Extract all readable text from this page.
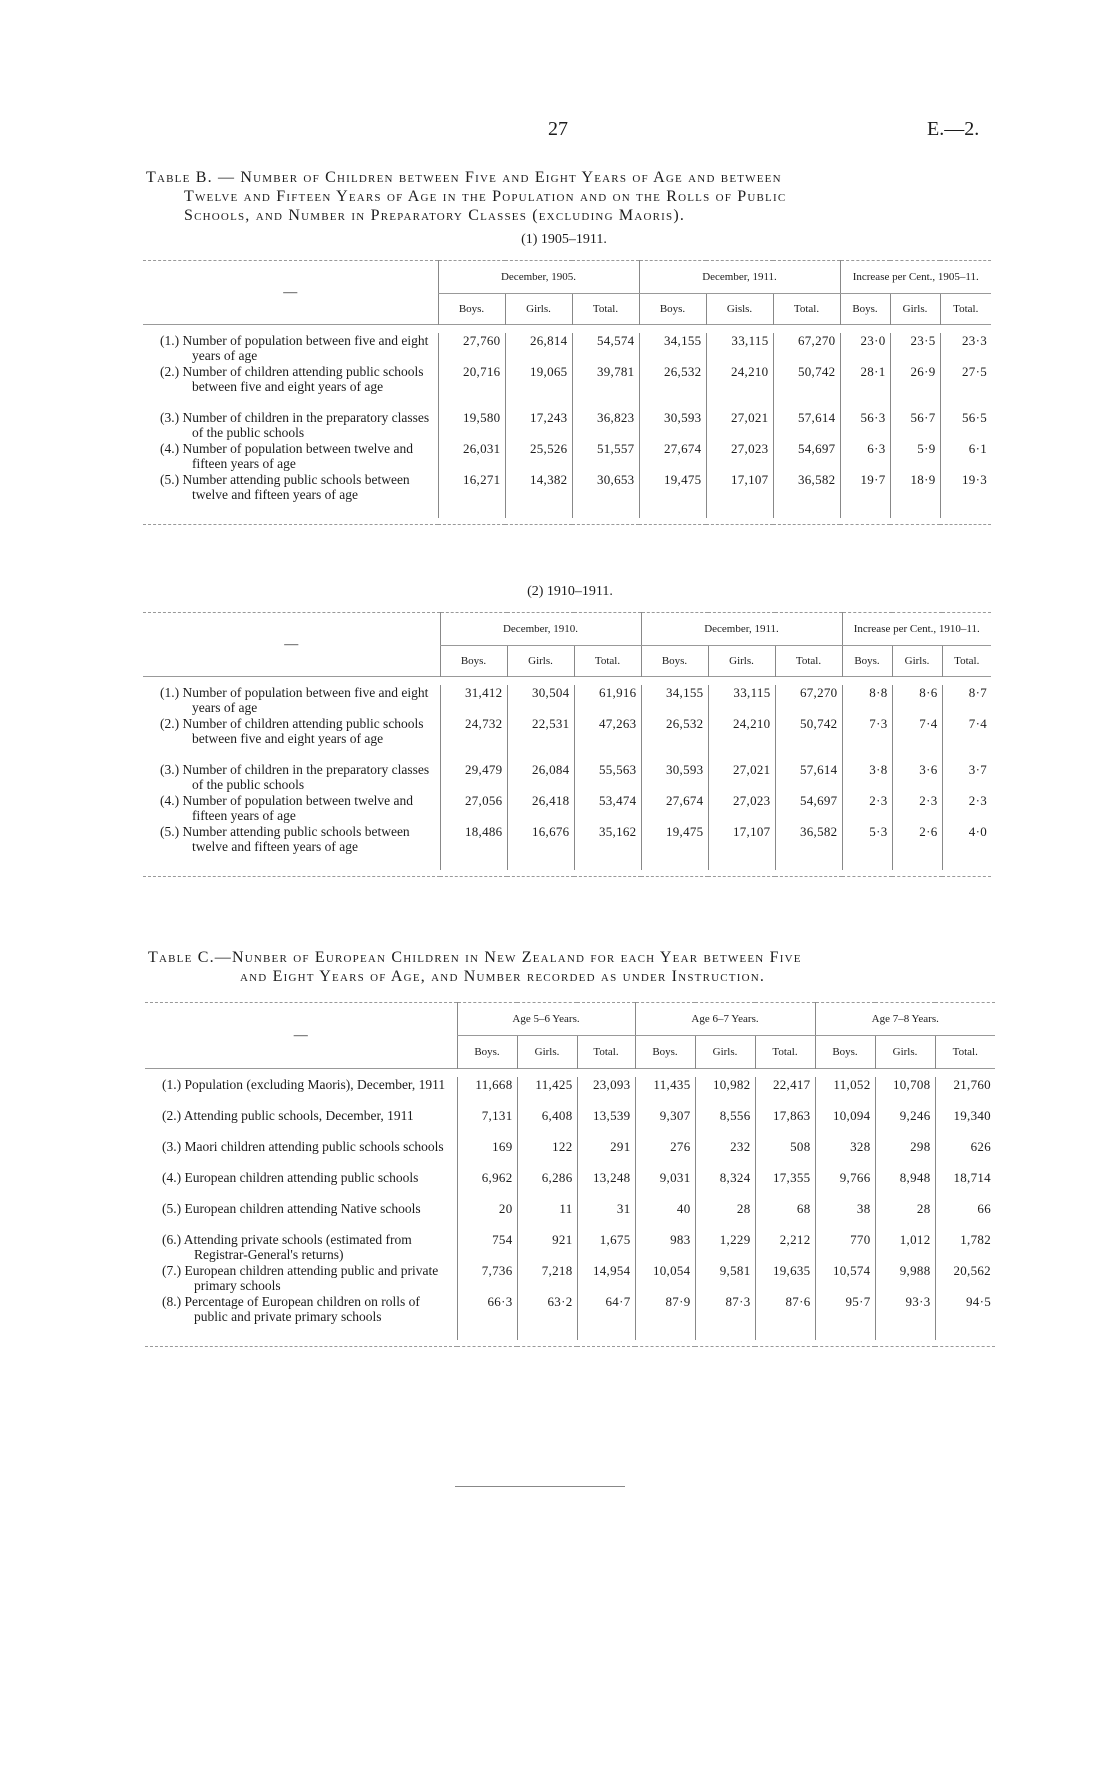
27	E.—2.
Table B. — Number of Children between Five and Eight Years of Age and between
Twelve and Fifteen Years of Age in the Population and on the Rolls of Public
Schools, and Number in Preparatory Classes (excluding Maoris).
(1) 1905–1911.
—	December, 1905.			December, 1911.			Increase per Cent., 1905–11.		
	Boys.	Girls.	Total.	Boys.	Gisls.	Total.	Boys.	Girls.	Total.

(1.) Number of population between five and eight years of age	27,760	26,814	54,574	34,155	33,115	67,270	23·0	23·5	23·3

(2.) Number of children attending public schools between five and eight years of age	20,716	19,065	39,781	26,532	24,210	50,742	28·1	26·9	27·5

(3.) Number of children in the preparatory classes of the public schools	19,580	17,243	36,823	30,593	27,021	57,614	56·3	56·7	56·5

(4.) Number of population between twelve and fifteen years of age	26,031	25,526	51,557	27,674	27,023	54,697	6·3	5·9	6·1

(5.) Number attending public schools between twelve and fifteen years of age	16,271	14,382	30,653	19,475	17,107	36,582	19·7	18·9	19·3

(2) 1910–1911.
—	December, 1910.			December, 1911.			Increase per Cent., 1910–11.		
	Boys.	Girls.	Total.	Boys.	Girls.	Total.	Boys.	Girls.	Total.

(1.) Number of population between five and eight years of age	31,412	30,504	61,916	34,155	33,115	67,270	8·8	8·6	8·7

(2.) Number of children attending public schools between five and eight years of age	24,732	22,531	47,263	26,532	24,210	50,742	7·3	7·4	7·4

(3.) Number of children in the preparatory classes of the public schools	29,479	26,084	55,563	30,593	27,021	57,614	3·8	3·6	3·7

(4.) Number of population between twelve and fifteen years of age	27,056	26,418	53,474	27,674	27,023	54,697	2·3	2·3	2·3

(5.) Number attending public schools between twelve and fifteen years of age	18,486	16,676	35,162	19,475	17,107	36,582	5·3	2·6	4·0

Table C.—Nunber of European Children in New Zealand for each Year between Five
and Eight Years of Age, and Number recorded as under Instruction.
—	Age 5–6 Years.			Age 6–7 Years.			Age 7–8 Years.		
	Boys.	Girls.	Total.	Boys.	Girls.	Total.	Boys.	Girls.	Total.

(1.) Population (excluding Maoris), December, 1911	11,668	11,425	23,093	11,435	10,982	22,417	11,052	10,708	21,760

(2.) Attending public schools, December, 1911	7,131	6,408	13,539	9,307	8,556	17,863	10,094	9,246	19,340

(3.) Maori children attending public schools schools	169	122	291	276	232	508	328	298	626

(4.) European children attending public schools	6,962	6,286	13,248	9,031	8,324	17,355	9,766	8,948	18,714

(5.) European children attending Native schools	20	11	31	40	28	68	38	28	66

(6.) Attending private schools (estimated from Registrar-General's returns)	754	921	1,675	983	1,229	2,212	770	1,012	1,782

(7.) European children attending public and private primary schools	7,736	7,218	14,954	10,054	9,581	19,635	10,574	9,988	20,562

(8.) Percentage of European children on rolls of public and private primary schools	66·3	63·2	64·7	87·9	87·3	87·6	95·7	93·3	94·5
